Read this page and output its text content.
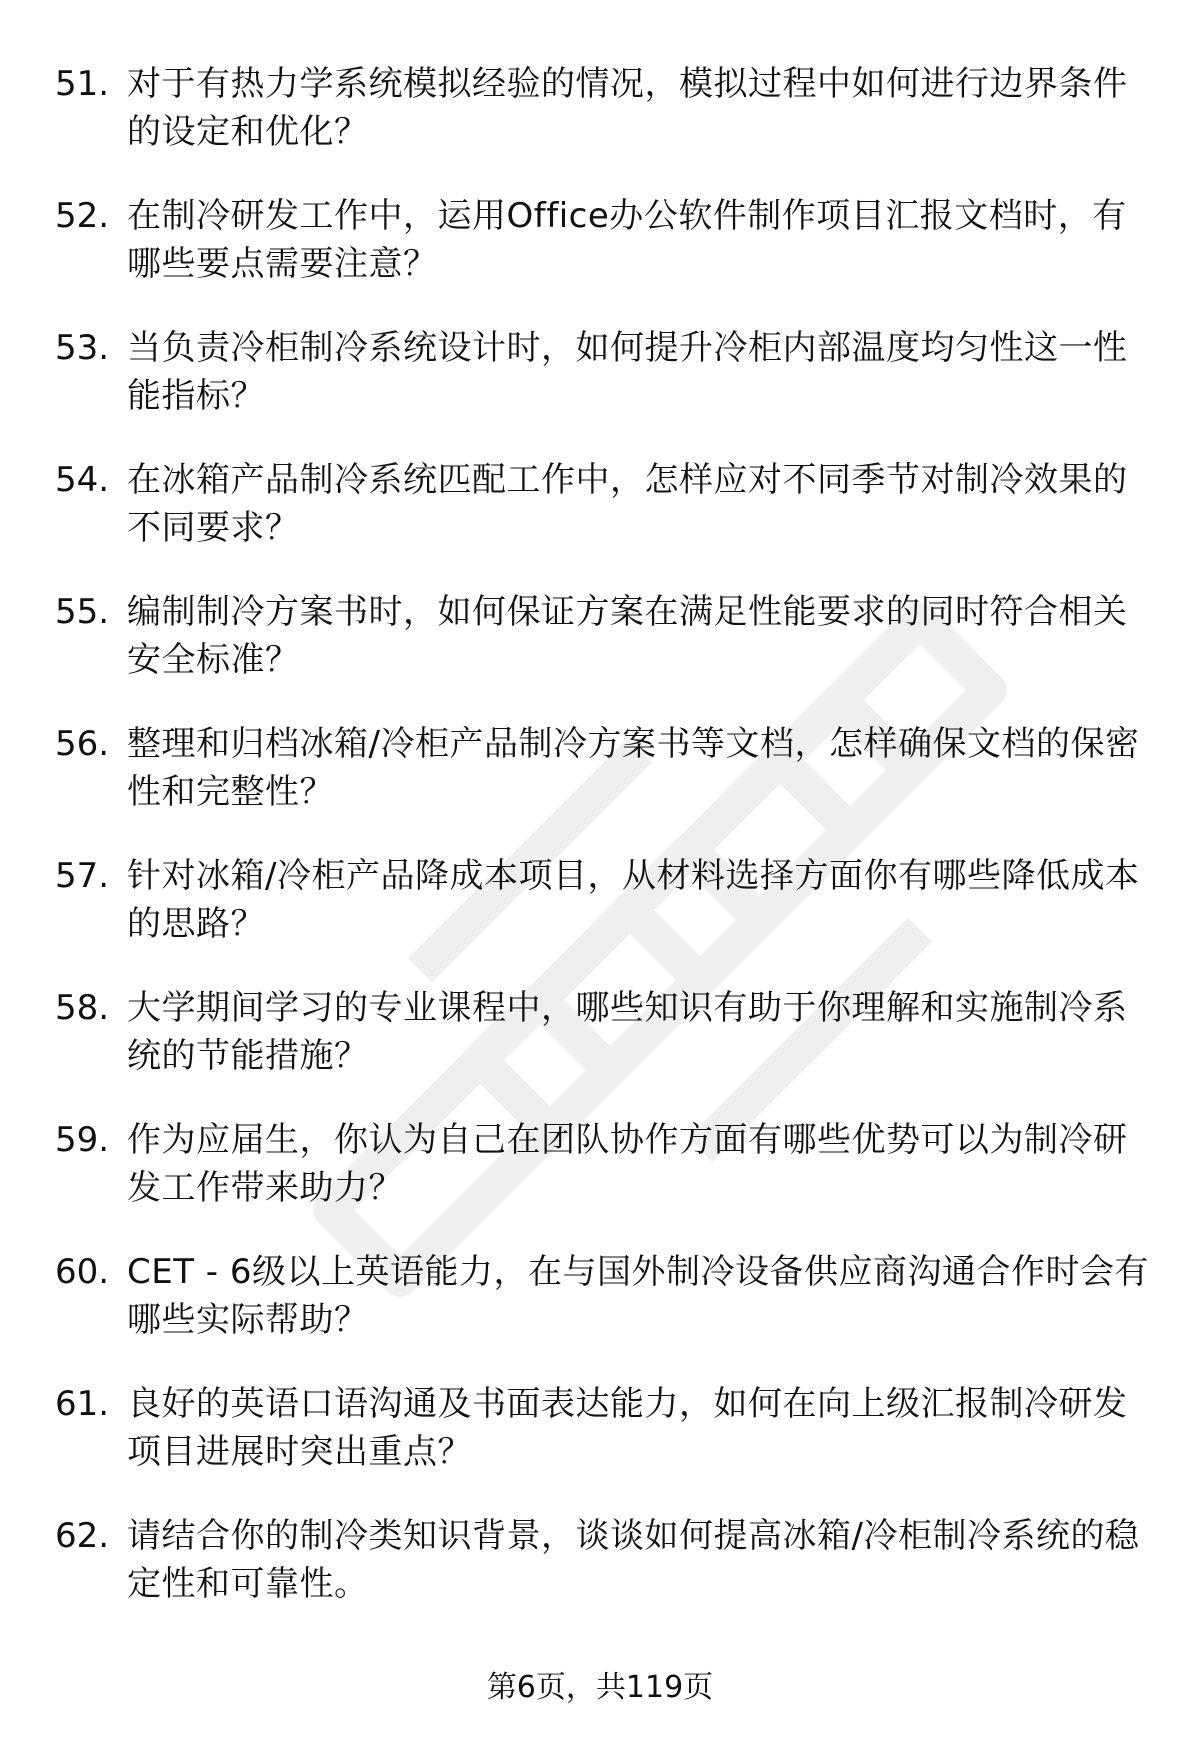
51. 对于有热力学系统模拟经验的情况，模拟过程中如何进行边界条件的设定和优化？
52. 在制冷研发工作中，运用Office办公软件制作项目汇报文档时，有哪些要点需要注意？
53. 当负责冷柜制冷系统设计时，如何提升冷柜内部温度均匀性这一性能指标？
54. 在冰箱产品制冷系统匹配工作中，怎样应对不同季节对制冷效果的不同要求？
55. 编制制冷方案书时，如何保证方案在满足性能要求的同时符合相关安全标准？
56. 整理和归档冰箱/冷柜产品制冷方案书等文档，怎样确保文档的保密性和完整性？
57. 针对冰箱/冷柜产品降成本项目，从材料选择方面你有哪些降低成本的思路？
58. 大学期间学习的专业课程中，哪些知识有助于你理解和实施制冷系统的节能措施？
59. 作为应届生，你认为自己在团队协作方面有哪些优势可以为制冷研发工作带来助力？
60. CET - 6级以上英语能力，在与国外制冷设备供应商沟通合作时会有哪些实际帮助？
61. 良好的英语口语沟通及书面表达能力，如何在向上级汇报制冷研发项目进展时突出重点？
62. 请结合你的制冷类知识背景，谈谈如何提高冰箱/冷柜制冷系统的稳定性和可靠性。
第6页，共119页
